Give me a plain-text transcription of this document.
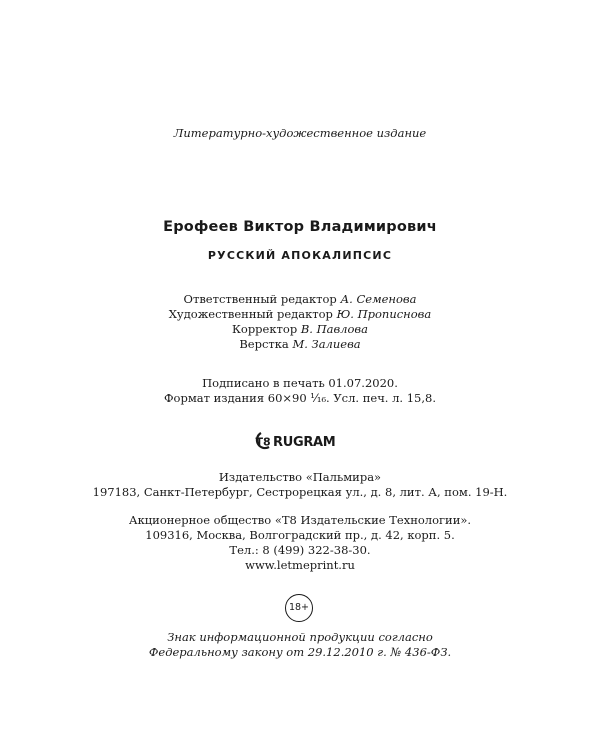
Литературно-художественное издание
Ерофеев Виктор Владимирович
РУССКИЙ АПОКАЛИПСИС
Ответственный редактор А. Семенова
Художественный редактор Ю. Прописнова
Корректор В. Павлова
Верстка М. Залиева
Подписано в печать 01.07.2020.
Формат издания 60×90 ¹⁄₁₆. Усл. печ. л. 15,8.
T8 RUGRAM
Издательство «Пальмира»
197183, Санкт-Петербург, Сестрорецкая ул., д. 8, лит. А, пом. 19-Н.
Акционерное общество «T8 Издательские Технологии».
109316, Москва, Волгоградский пр., д. 42, корп. 5.
Тел.: 8 (499) 322-38-30.
www.letmeprint.ru
18+
Знак информационной продукции согласно
Федеральному закону от 29.12.2010 г. № 436-ФЗ.
